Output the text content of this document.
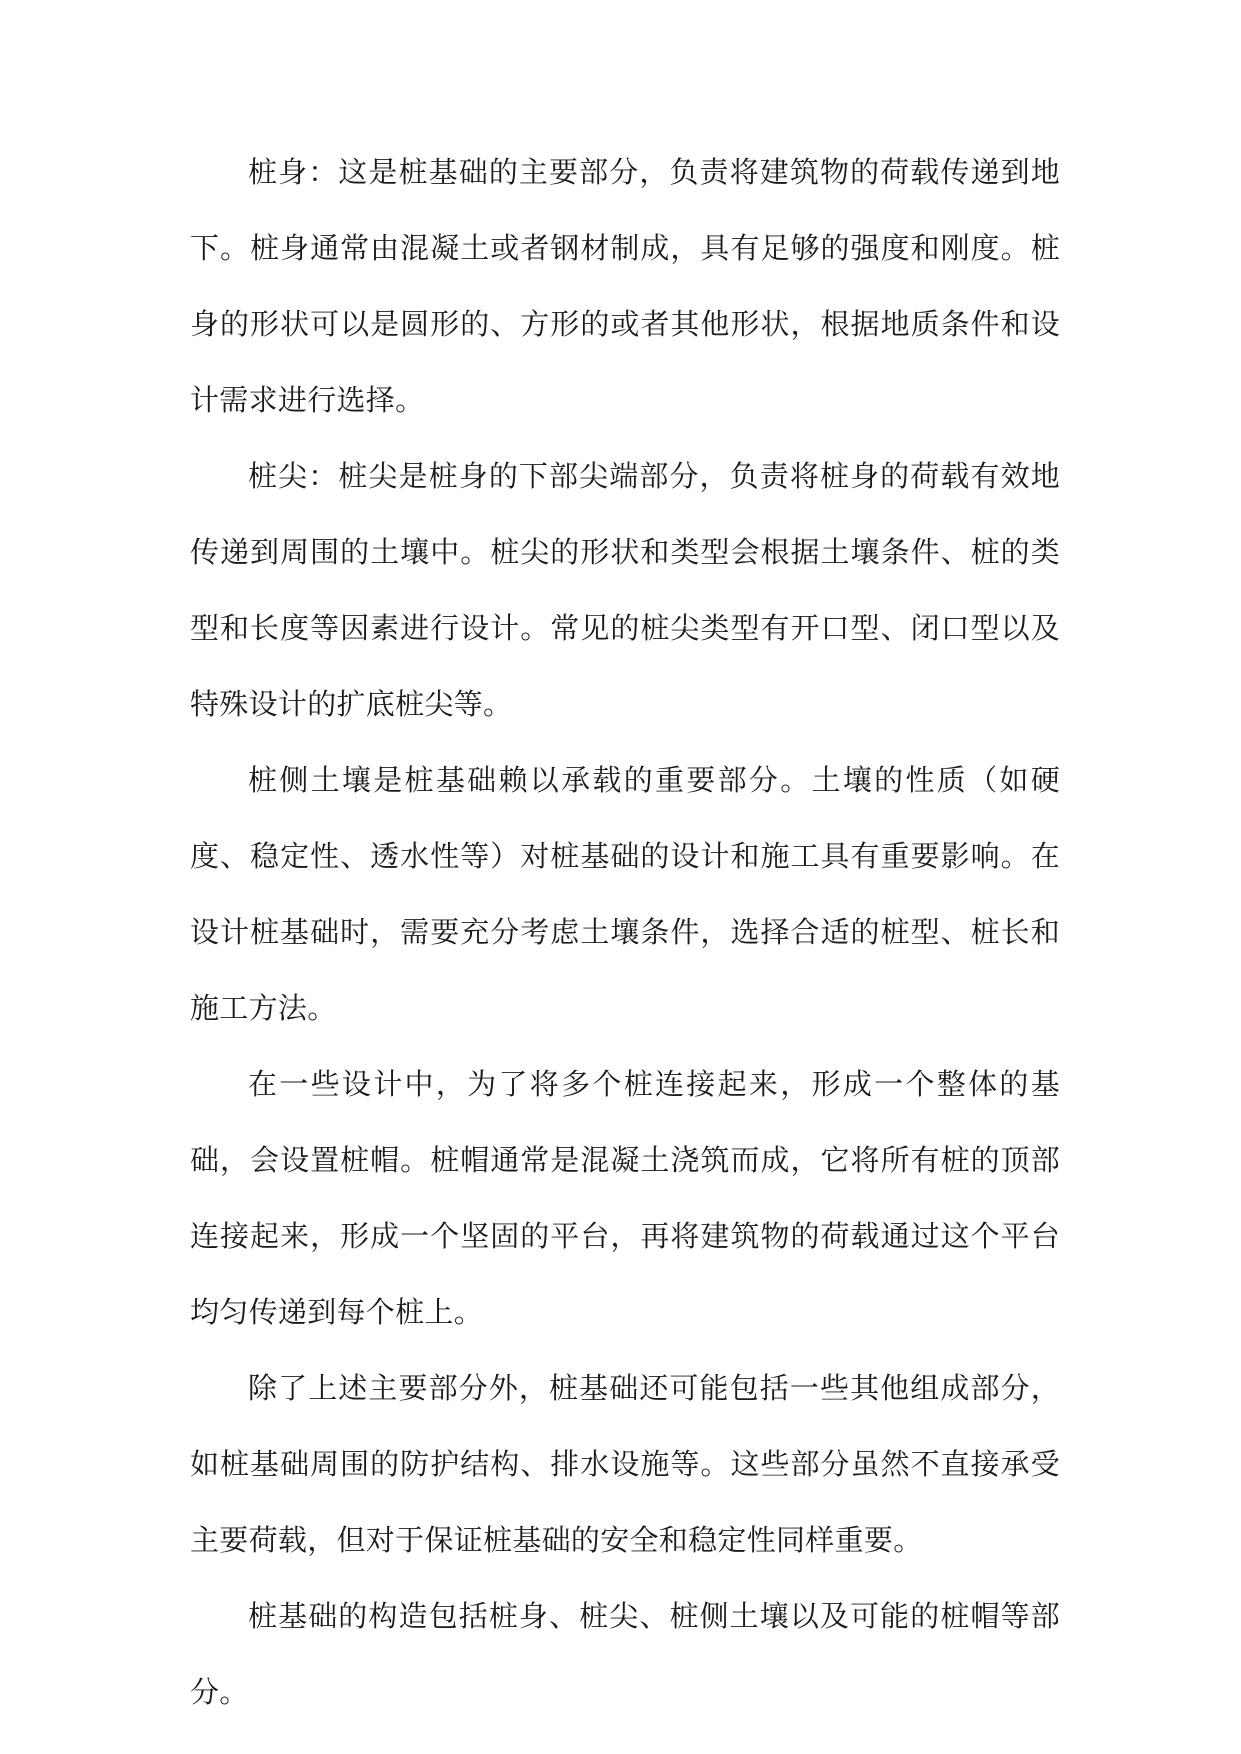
桩身：这是桩基础的主要部分，负责将建筑物的荷载传递到地下。桩身通常由混凝土或者钢材制成，具有足够的强度和刚度。桩身的形状可以是圆形的、方形的或者其他形状，根据地质条件和设计需求进行选择。

桩尖：桩尖是桩身的下部尖端部分，负责将桩身的荷载有效地传递到周围的土壤中。桩尖的形状和类型会根据土壤条件、桩的类型和长度等因素进行设计。常见的桩尖类型有开口型、闭口型以及特殊设计的扩底桩尖等。

桩侧土壤是桩基础赖以承载的重要部分。土壤的性质（如硬度、稳定性、透水性等）对桩基础的设计和施工具有重要影响。在设计桩基础时，需要充分考虑土壤条件，选择合适的桩型、桩长和施工方法。

在一些设计中，为了将多个桩连接起来，形成一个整体的基础，会设置桩帽。桩帽通常是混凝土浇筑而成，它将所有桩的顶部连接起来，形成一个坚固的平台，再将建筑物的荷载通过这个平台均匀传递到每个桩上。

除了上述主要部分外，桩基础还可能包括一些其他组成部分，如桩基础周围的防护结构、排水设施等。这些部分虽然不直接承受主要荷载，但对于保证桩基础的安全和稳定性同样重要。

桩基础的构造包括桩身、桩尖、桩侧土壤以及可能的桩帽等部分。
